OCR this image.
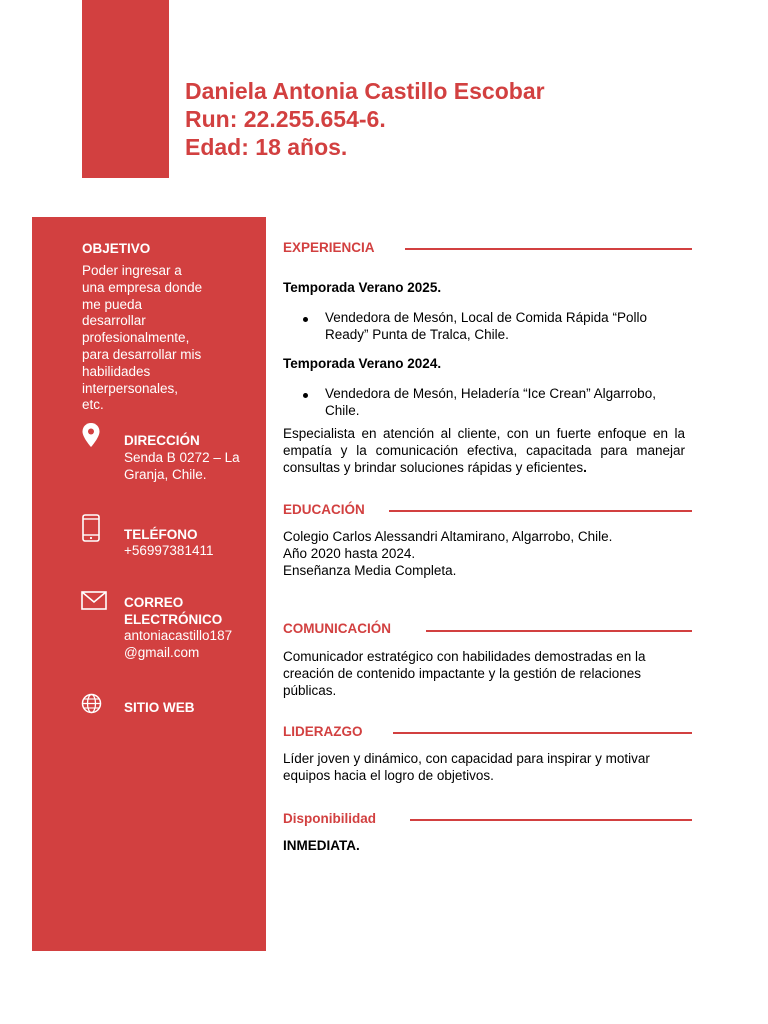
Daniela Antonia Castillo Escobar
Run: 22.255.654-6.
Edad: 18 años.
OBJETIVO
Poder ingresar a
una empresa donde
me pueda
desarrollar
profesionalmente,
para desarrollar mis
habilidades
interpersonales,
etc.
DIRECCIÓN
Senda B 0272 – La
Granja, Chile.
TELÉFONO
+56997381411
CORREO
ELECTRÓNICO
antoniacastillo187
@gmail.com
SITIO WEB
EXPERIENCIA
Temporada Verano 2025.
Vendedora de Mesón, Local de Comida Rápida “Pollo Ready” Punta de Tralca, Chile.
Temporada Verano 2024.
Vendedora de Mesón, Heladería “Ice Crean” Algarrobo, Chile.
Especialista en atención al cliente, con un fuerte enfoque en la empatía y la comunicación efectiva, capacitada para manejar consultas y brindar soluciones rápidas y eficientes.
EDUCACIÓN
Colegio Carlos Alessandri Altamirano, Algarrobo, Chile.
Año 2020 hasta 2024.
Enseñanza Media Completa.
COMUNICACIÓN
Comunicador estratégico con habilidades demostradas en la creación de contenido impactante y la gestión de relaciones públicas.
LIDERAZGO
Líder joven y dinámico, con capacidad para inspirar y motivar equipos hacia el logro de objetivos.
Disponibilidad
INMEDIATA.
